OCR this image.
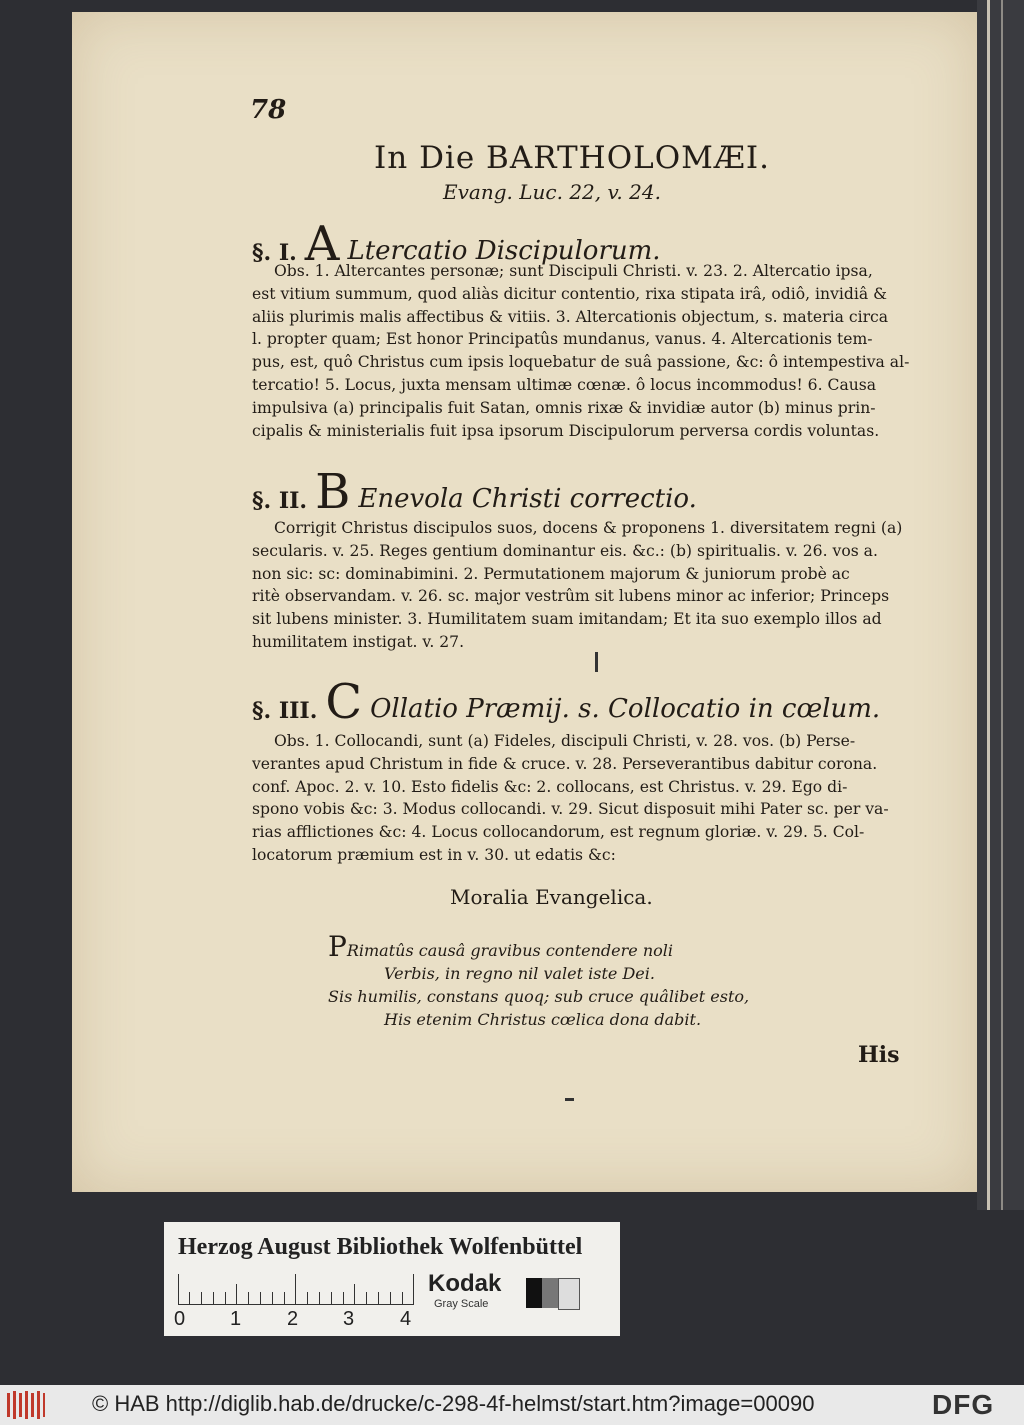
78
In Die BARTHOLOMÆI.
Evang. Luc. 22, v. 24.
§. I. A Ltercatio Discipulorum.

Obs. 1. Altercantes personæ; sunt Discipuli Christi. v. 23. 2. Altercatio ipsa,

est vitium summum, quod aliàs dicitur contentio, rixa stipata irâ, odiô, invidiâ &

aliis plurimis malis affectibus & vitiis. 3. Altercationis objectum, s. materia circa

l. propter quam; Est honor Principatûs mundanus, vanus. 4. Altercationis tem-

pus, est, quô Christus cum ipsis loquebatur de suâ passione, &c: ô intempestiva al-

tercatio! 5. Locus, juxta mensam ultimæ cœnæ. ô locus incommodus! 6. Causa

impulsiva (a) principalis fuit Satan, omnis rixæ & invidiæ autor (b) minus prin-

cipalis & ministerialis fuit ipsa ipsorum Discipulorum perversa cordis voluntas.

§. II. B Enevola Christi correctio.

Corrigit Christus discipulos suos, docens & proponens 1. diversitatem regni (a)

secularis. v. 25. Reges gentium dominantur eis. &c.: (b) spiritualis. v. 26. vos a.

non sic: sc: dominabimini. 2. Permutationem majorum & juniorum probè ac

ritè observandam. v. 26. sc. major vestrûm sit lubens minor ac inferior; Princeps

sit lubens minister. 3. Humilitatem suam imitandam; Et ita suo exemplo illos ad

humilitatem instigat. v. 27.

§. III. C Ollatio Præmij. s. Collocatio in cœlum.

Obs. 1. Collocandi, sunt (a) Fideles, discipuli Christi, v. 28. vos. (b) Perse-

verantes apud Christum in fide & cruce. v. 28. Perseverantibus dabitur corona.

conf. Apoc. 2. v. 10. Esto fidelis &c: 2. collocans, est Christus. v. 29. Ego di-

spono vobis &c: 3. Modus collocandi. v. 29. Sicut disposuit mihi Pater sc. per va-

rias afflictiones &c: 4. Locus collocandorum, est regnum gloriæ. v. 29. 5. Col-

locatorum præmium est in v. 30. ut edatis &c:

Moralia Evangelica.

PRimatûs causâ gravibus contendere noli

Verbis, in regno nil valet iste Dei.

Sis humilis, constans quoq; sub cruce quâlibet esto,

His etenim Christus cœlica dona dabit.

His
Herzog August Bibliothek Wolfenbüttel
0 1 2 3 4
Kodak
Gray Scale
© HAB http://diglib.hab.de/drucke/c-298-4f-helmst/start.htm?image=00090	DFG
